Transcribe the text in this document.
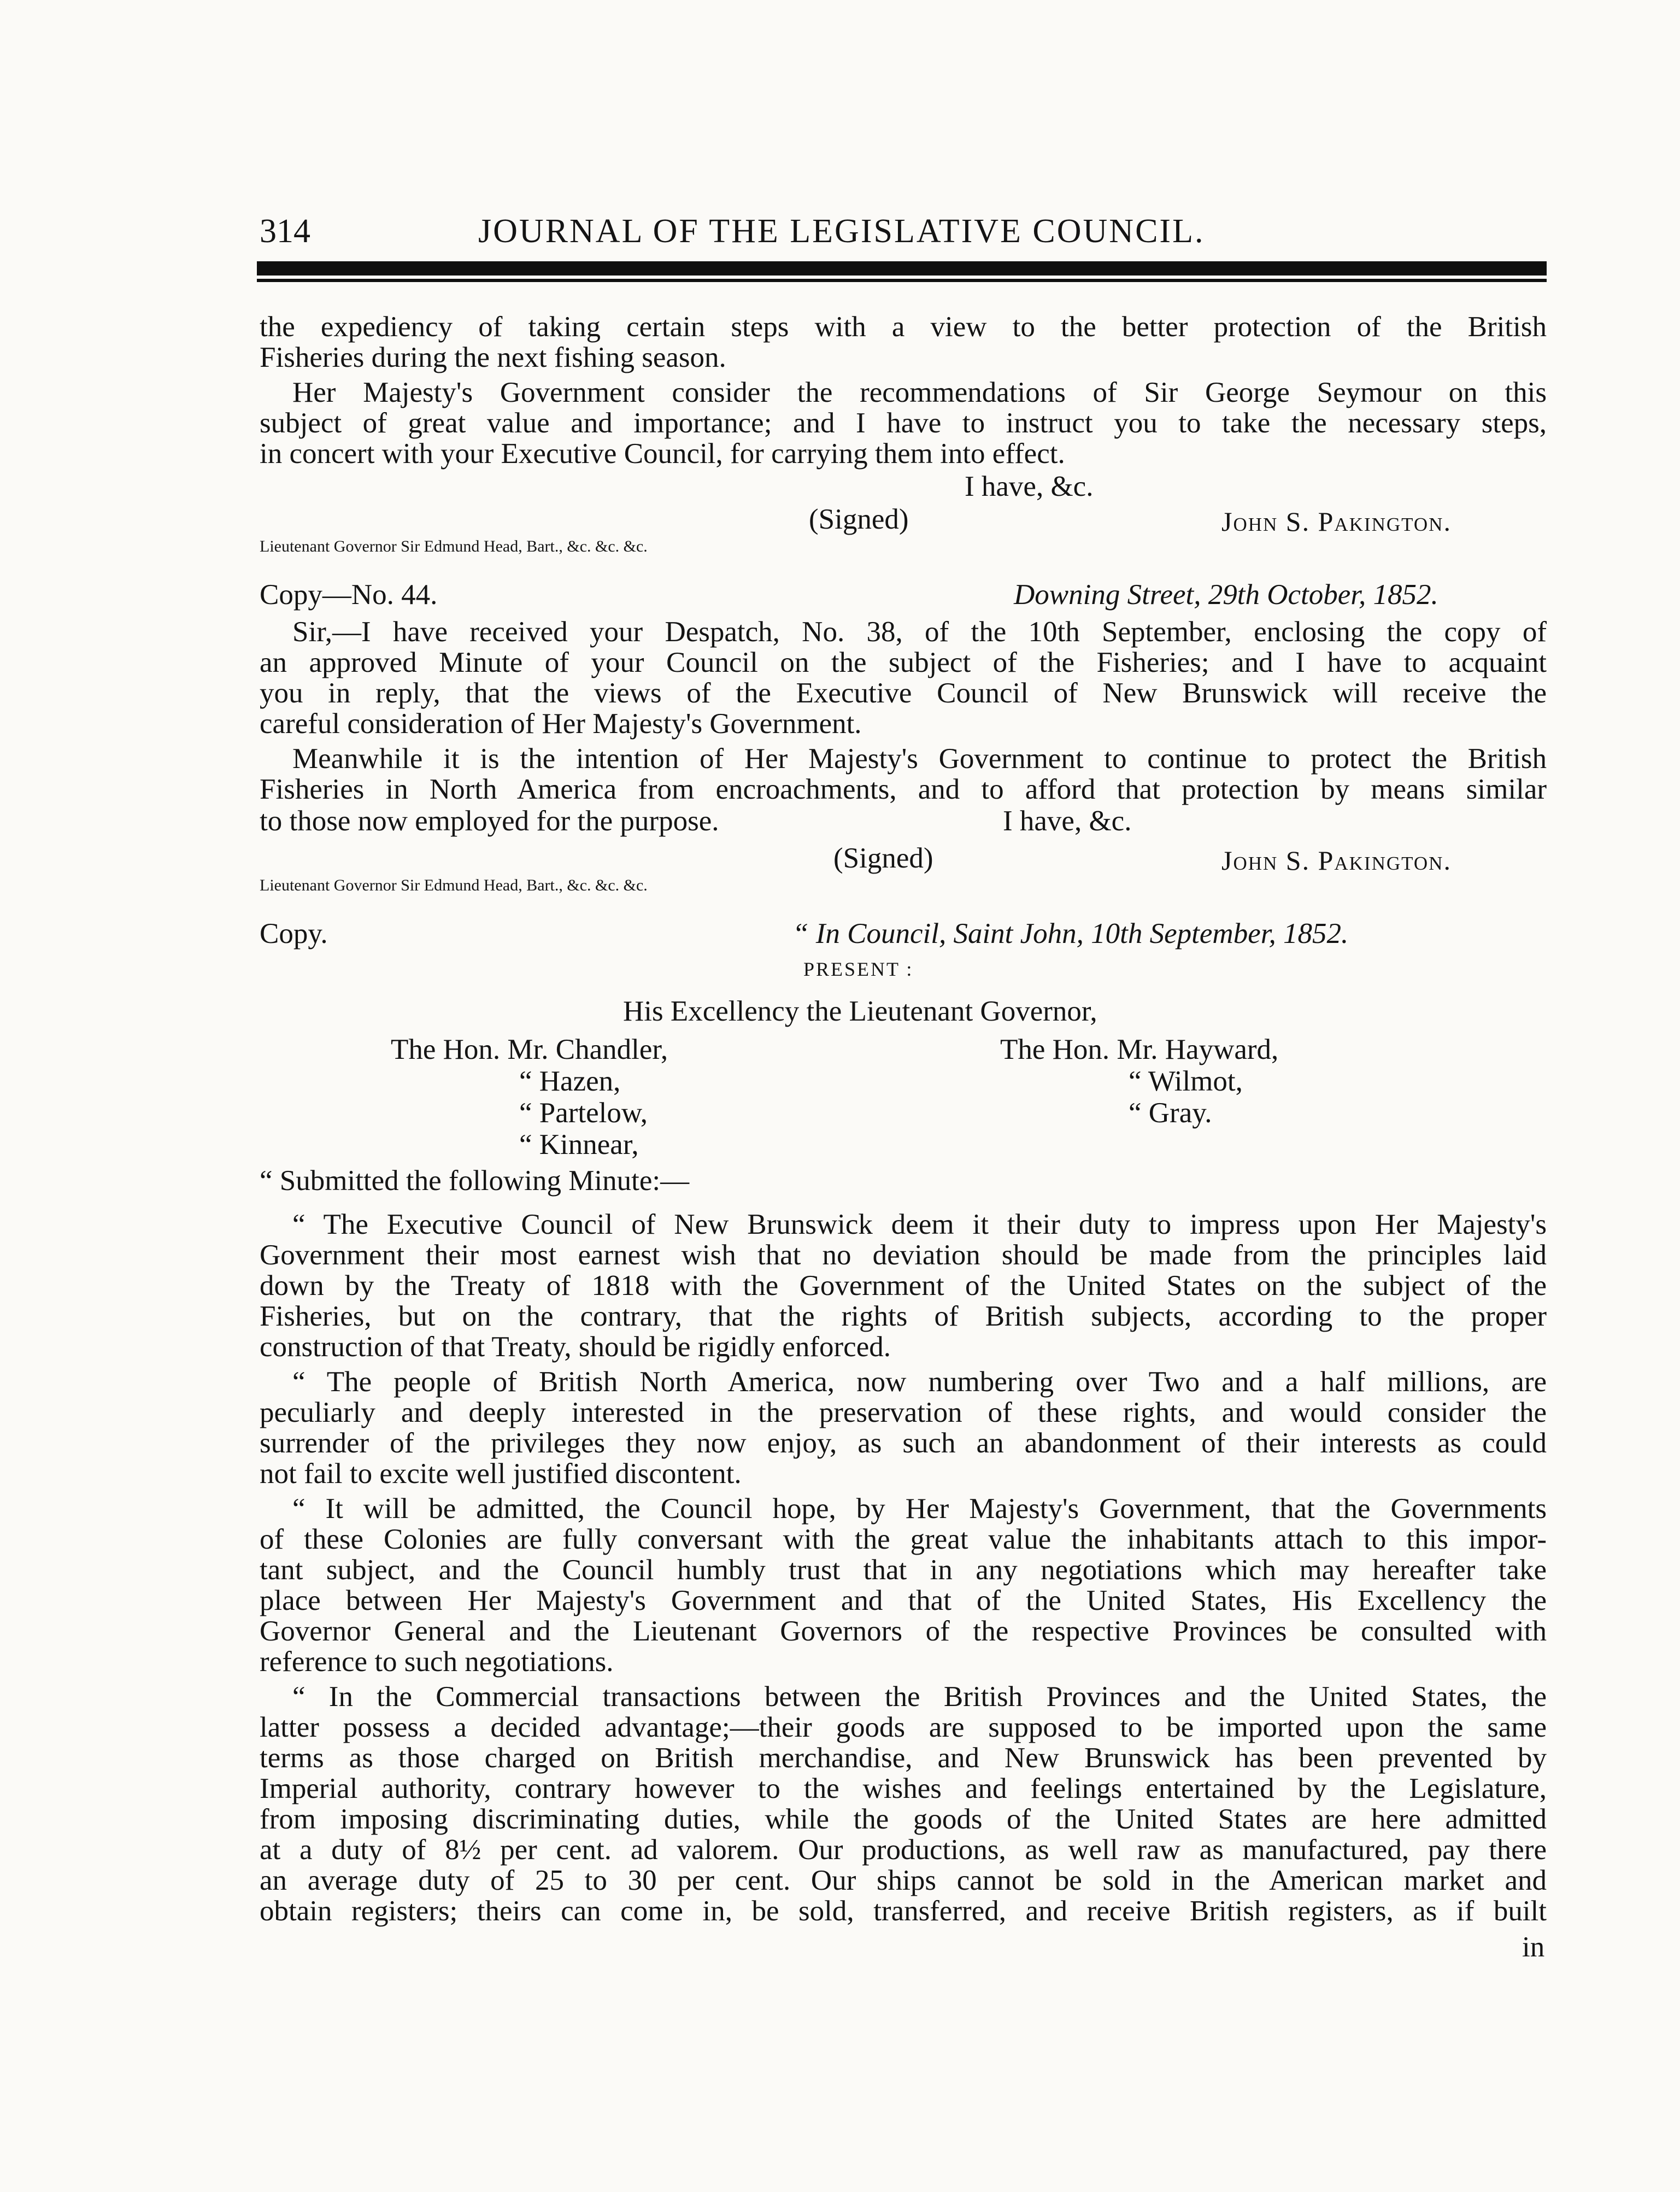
314	JOURNAL OF THE LEGISLATIVE COUNCIL.
the expediency of taking certain steps with a view to the better protection of the British
Fisheries during the next fishing season.
Her Majesty's Government consider the recommendations of Sir George Seymour on this
subject of great value and importance; and I have to instruct you to take the necessary steps,
in concert with your Executive Council, for carrying them into effect.
I have, &c.
(Signed)	John S. Pakington.
Lieutenant Governor Sir Edmund Head, Bart., &c. &c. &c.
Copy—No. 44.	Downing Street, 29th October, 1852.
Sir,—I have received your Despatch, No. 38, of the 10th September, enclosing the copy of
an approved Minute of your Council on the subject of the Fisheries; and I have to acquaint
you in reply, that the views of the Executive Council of New Brunswick will receive the
careful consideration of Her Majesty's Government.
Meanwhile it is the intention of Her Majesty's Government to continue to protect the British
Fisheries in North America from encroachments, and to afford that protection by means similar
to those now employed for the purpose.	I have, &c.
(Signed)	John S. Pakington.
Lieutenant Governor Sir Edmund Head, Bart., &c. &c. &c.
Copy.	“ In Council, Saint John, 10th September, 1852.
PRESENT :
His Excellency the Lieutenant Governor,
The Hon. Mr. Chandler,
“ Hazen,
“ Partelow,
“ Kinnear,
The Hon. Mr. Hayward,
“ Wilmot,
“ Gray.
“ Submitted the following Minute:—
“ The Executive Council of New Brunswick deem it their duty to impress upon Her Majesty's
Government their most earnest wish that no deviation should be made from the principles laid
down by the Treaty of 1818 with the Government of the United States on the subject of the
Fisheries, but on the contrary, that the rights of British subjects, according to the proper
construction of that Treaty, should be rigidly enforced.
“ The people of British North America, now numbering over Two and a half millions, are
peculiarly and deeply interested in the preservation of these rights, and would consider the
surrender of the privileges they now enjoy, as such an abandonment of their interests as could
not fail to excite well justified discontent.
“ It will be admitted, the Council hope, by Her Majesty's Government, that the Governments
of these Colonies are fully conversant with the great value the inhabitants attach to this impor-
tant subject, and the Council humbly trust that in any negotiations which may hereafter take
place between Her Majesty's Government and that of the United States, His Excellency the
Governor General and the Lieutenant Governors of the respective Provinces be consulted with
reference to such negotiations.
“ In the Commercial transactions between the British Provinces and the United States, the
latter possess a decided advantage;—their goods are supposed to be imported upon the same
terms as those charged on British merchandise, and New Brunswick has been prevented by
Imperial authority, contrary however to the wishes and feelings entertained by the Legislature,
from imposing discriminating duties, while the goods of the United States are here admitted
at a duty of 8½ per cent. ad valorem. Our productions, as well raw as manufactured, pay there
an average duty of 25 to 30 per cent. Our ships cannot be sold in the American market and
obtain registers; theirs can come in, be sold, transferred, and receive British registers, as if built
in
